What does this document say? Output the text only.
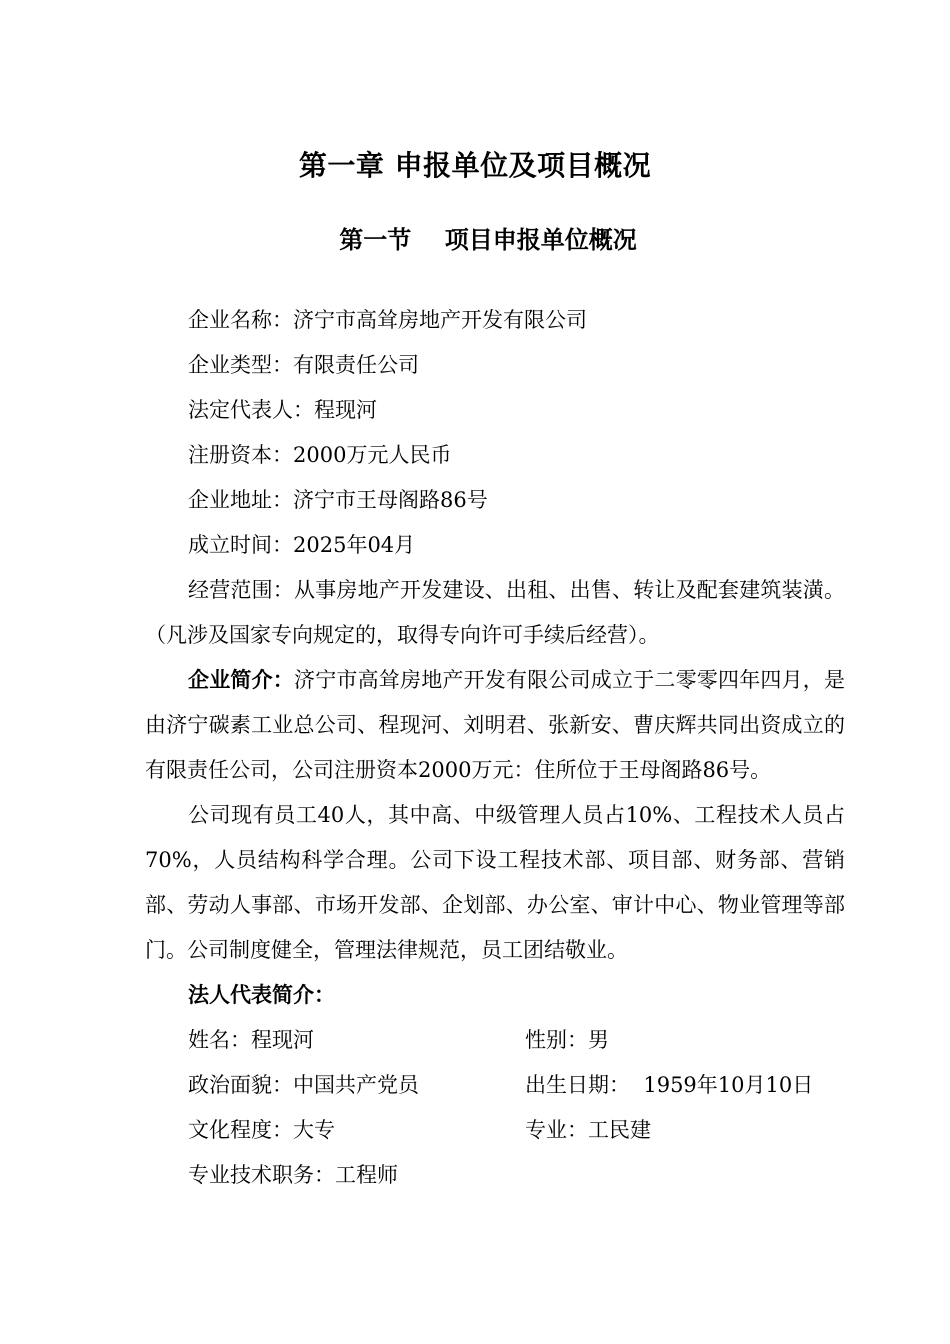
第一章 申报单位及项目概况
第一节    项目申报单位概况
企业名称：济宁市高耸房地产开发有限公司
企业类型：有限责任公司
法定代表人：程现河
注册资本：2000万元人民币
企业地址：济宁市王母阁路86号
成立时间：2025年04月
经营范围：从事房地产开发建设、出租、出售、转让及配套建筑装潢。（凡涉及国家专向规定的，取得专向许可手续后经营）。
企业简介：济宁市高耸房地产开发有限公司成立于二零零四年四月，是由济宁碳素工业总公司、程现河、刘明君、张新安、曹庆辉共同出资成立的有限责任公司，公司注册资本2000万元：住所位于王母阁路86号。
公司现有员工40人，其中高、中级管理人员占10%、工程技术人员占70%，人员结构科学合理。公司下设工程技术部、项目部、财务部、营销部、劳动人事部、市场开发部、企划部、办公室、审计中心、物业管理等部门。公司制度健全，管理法律规范，员工团结敬业。
法人代表简介：
姓名：程现河	性别：男
政治面貌：中国共产党员	出生日期：  1959年10月10日
文化程度：大专	专业：工民建
专业技术职务：工程师
